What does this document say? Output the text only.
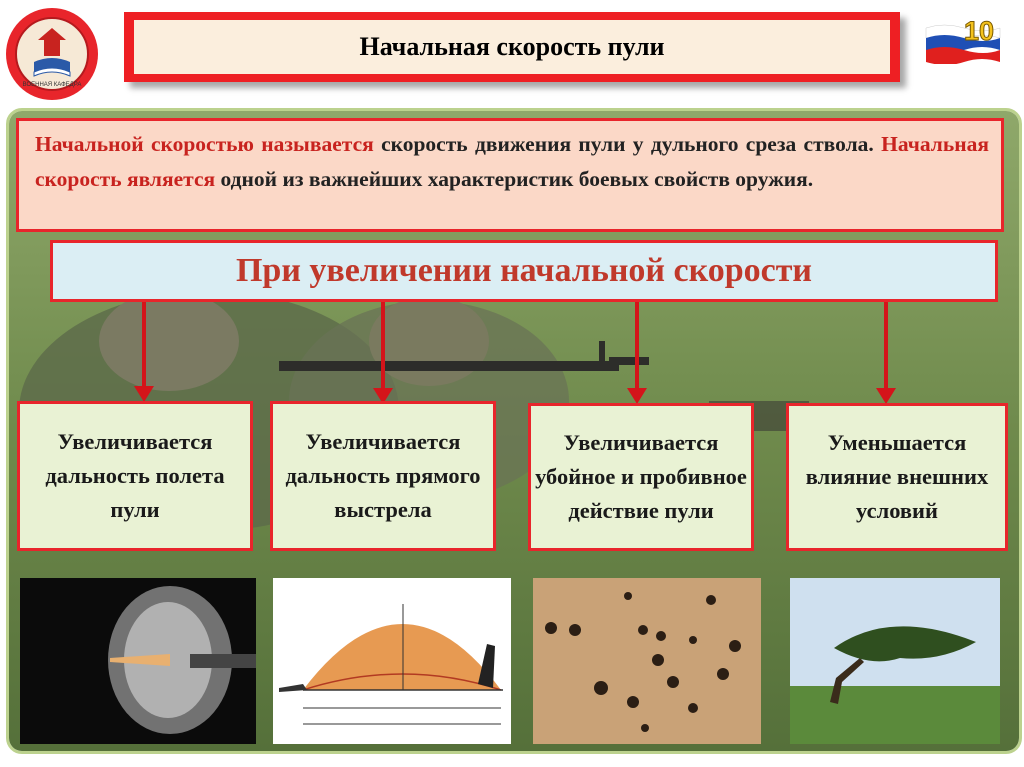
ВОЕННАЯ КАФЕДРА
Начальная скорость пули
10
Начальной скоростью называется скорость движения пули у дульного среза ствола. Начальная скорость является одной из важнейших характеристик боевых свойств оружия.
При увеличении начальной скорости
Увеличивается дальность полета пули
Увеличивается дальность прямого выстрела
Увеличивается убойное и пробивное действие пули
Уменьшается влияние внешних условий
